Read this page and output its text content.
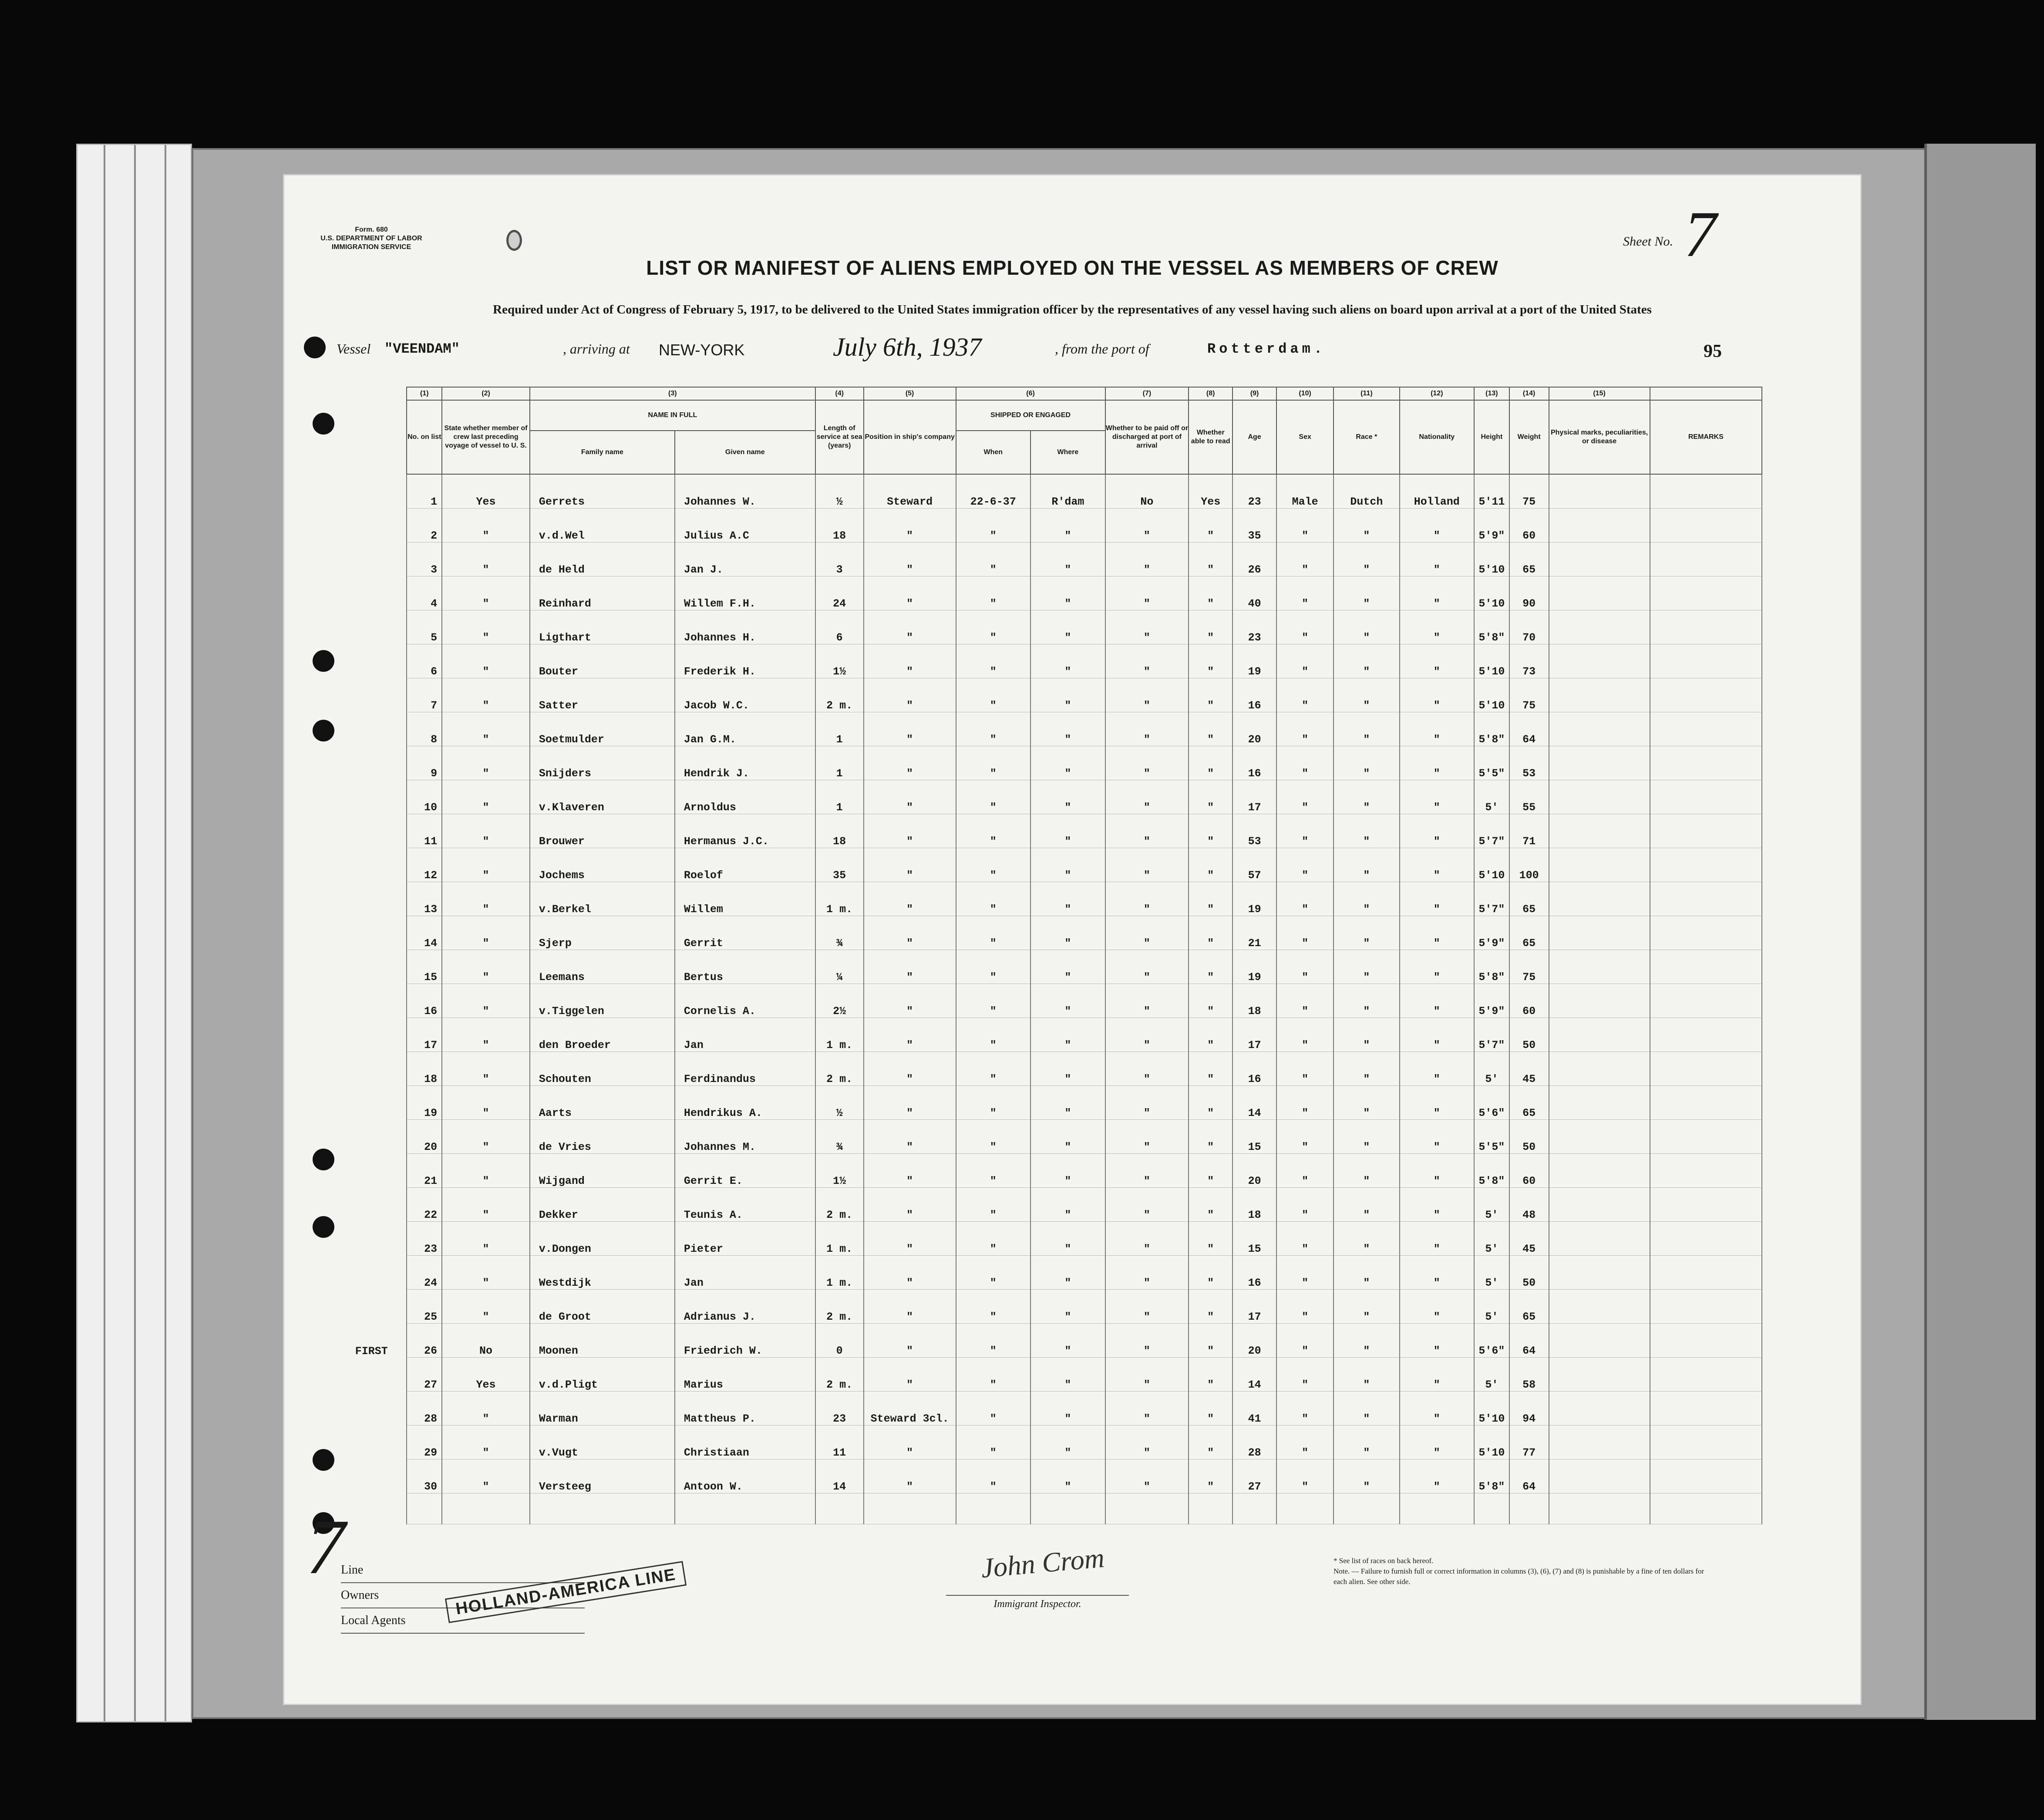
Form. 680
U.S. DEPARTMENT OF LABOR
IMMIGRATION SERVICE	Sheet No. 7
LIST OR MANIFEST OF ALIENS EMPLOYED ON THE VESSEL AS MEMBERS OF CREW
Required under Act of Congress of February 5, 1917, to be delivered to the United States immigration officer by the representatives of any vessel having such aliens on board upon arrival at a port of the United States
Vessel "VEENDAM"	, arriving at NEW-YORK	July 6th, 1937	, from the port of	Rotterdam.	95
	(1)	(2)	(3)		(4)	(5)	(6)		(7)	(8)	(9)	(10)	(11)	(12)	(13)	(14)	(15)	
	No. on list	State whether member of crew last preceding voyage of vessel to U. S.	NAME IN FULL		Length of service at sea (years)	Position in ship's company	SHIPPED OR ENGAGED		Whether to be paid off or discharged at port of arrival	Whether able to read	Age	Sex	Race *	Nationality	Height	Weight	Physical marks, peculiarities, or disease	REMARKS
			Family name	Given name			When	Where										
	1	Yes	Gerrets	Johannes W.	½	Steward	22-6-37	R'dam	No	Yes	23	Male	Dutch	Holland	5'11	75		
	2	"	v.d.Wel	Julius A.C	18	"	"	"	"	"	35	"	"	"	5'9"	60		
	3	"	de Held	Jan J.	3	"	"	"	"	"	26	"	"	"	5'10	65		
	4	"	Reinhard	Willem F.H.	24	"	"	"	"	"	40	"	"	"	5'10	90		
	5	"	Ligthart	Johannes H.	6	"	"	"	"	"	23	"	"	"	5'8"	70		
	6	"	Bouter	Frederik H.	1½	"	"	"	"	"	19	"	"	"	5'10	73		
	7	"	Satter	Jacob W.C.	2 m.	"	"	"	"	"	16	"	"	"	5'10	75		
	8	"	Soetmulder	Jan G.M.	1	"	"	"	"	"	20	"	"	"	5'8"	64		
	9	"	Snijders	Hendrik J.	1	"	"	"	"	"	16	"	"	"	5'5"	53		
	10	"	v.Klaveren	Arnoldus	1	"	"	"	"	"	17	"	"	"	5'	55		
	11	"	Brouwer	Hermanus J.C.	18	"	"	"	"	"	53	"	"	"	5'7"	71		
	12	"	Jochems	Roelof	35	"	"	"	"	"	57	"	"	"	5'10	100		
	13	"	v.Berkel	Willem	1 m.	"	"	"	"	"	19	"	"	"	5'7"	65		
	14	"	Sjerp	Gerrit	¾	"	"	"	"	"	21	"	"	"	5'9"	65		
	15	"	Leemans	Bertus	¼	"	"	"	"	"	19	"	"	"	5'8"	75		
	16	"	v.Tiggelen	Cornelis A.	2½	"	"	"	"	"	18	"	"	"	5'9"	60		
	17	"	den Broeder	Jan	1 m.	"	"	"	"	"	17	"	"	"	5'7"	50		
	18	"	Schouten	Ferdinandus	2 m.	"	"	"	"	"	16	"	"	"	5'	45		
	19	"	Aarts	Hendrikus A.	½	"	"	"	"	"	14	"	"	"	5'6"	65		
	20	"	de Vries	Johannes M.	¾	"	"	"	"	"	15	"	"	"	5'5"	50		
	21	"	Wijgand	Gerrit E.	1½	"	"	"	"	"	20	"	"	"	5'8"	60		
	22	"	Dekker	Teunis A.	2 m.	"	"	"	"	"	18	"	"	"	5'	48		
	23	"	v.Dongen	Pieter	1 m.	"	"	"	"	"	15	"	"	"	5'	45		
	24	"	Westdijk	Jan	1 m.	"	"	"	"	"	16	"	"	"	5'	50		
	25	"	de Groot	Adrianus J.	2 m.	"	"	"	"	"	17	"	"	"	5'	65		
FIRST	26	No	Moonen	Friedrich W.	0	"	"	"	"	"	20	"	"	"	5'6"	64		
	27	Yes	v.d.Pligt	Marius	2 m.	"	"	"	"	"	14	"	"	"	5'	58		
	28	"	Warman	Mattheus P.	23	Steward 3cl.	"	"	"	"	41	"	"	"	5'10	94		
	29	"	v.Vugt	Christiaan	11	"	"	"	"	"	28	"	"	"	5'10	77		
	30	"	Versteeg	Antoon W.	14	"	"	"	"	"	27	"	"	"	5'8"	64		

7
Line
Owners
Local Agents
HOLLAND-AMERICA LINE
John Crom
Immigrant Inspector.
* See list of races on back hereof.
Note. — Failure to furnish full or correct information in columns (3), (6), (7) and (8) is punishable by a fine of ten dollars for each alien. See other side.
